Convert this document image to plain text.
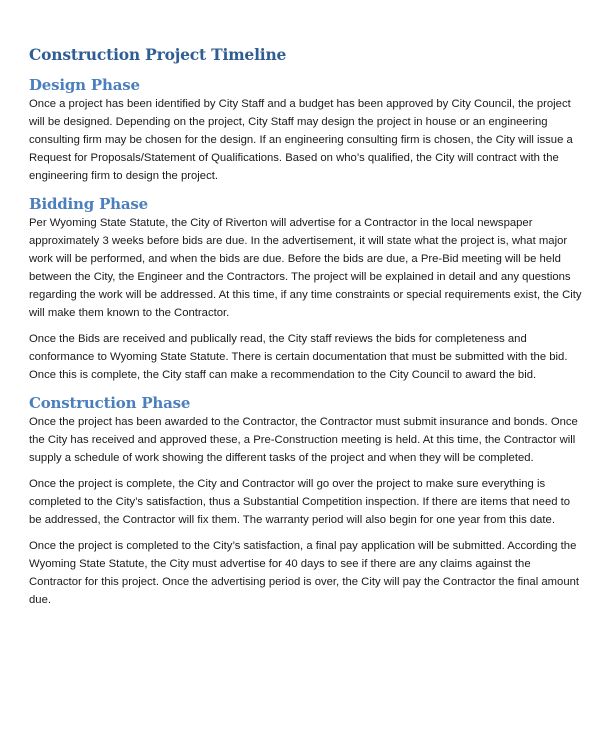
Construction Project Timeline
Design Phase

Once a project has been identified by City Staff and a budget has been approved by City Council, the project will be designed. Depending on the project, City Staff may design the project in house or an engineering consulting firm may be chosen for the design. If an engineering consulting firm is chosen, the City will issue a Request for Proposals/Statement of Qualifications. Based on who’s qualified, the City will contract with the engineering firm to design the project.

Bidding Phase

Per Wyoming State Statute, the City of Riverton will advertise for a Contractor in the local newspaper approximately 3 weeks before bids are due. In the advertisement, it will state what the project is, what major work will be performed, and when the bids are due. Before the bids are due, a Pre-Bid meeting will be held between the City, the Engineer and the Contractors. The project will be explained in detail and any questions regarding the work will be addressed. At this time, if any time constraints or special requirements exist, the City will make them known to the Contractor.

Once the Bids are received and publically read, the City staff reviews the bids for completeness and conformance to Wyoming State Statute. There is certain documentation that must be submitted with the bid. Once this is complete, the City staff can make a recommendation to the City Council to award the bid.

Construction Phase

Once the project has been awarded to the Contractor, the Contractor must submit insurance and bonds. Once the City has received and approved these, a Pre-Construction meeting is held. At this time, the Contractor will supply a schedule of work showing the different tasks of the project and when they will be completed.

Once the project is complete, the City and Contractor will go over the project to make sure everything is completed to the City’s satisfaction, thus a Substantial Competition inspection. If there are items that need to be addressed, the Contractor will fix them. The warranty period will also begin for one year from this date.

Once the project is completed to the City’s satisfaction, a final pay application will be submitted. According the Wyoming State Statute, the City must advertise for 40 days to see if there are any claims against the Contractor for this project. Once the advertising period is over, the City will pay the Contractor the final amount due.
